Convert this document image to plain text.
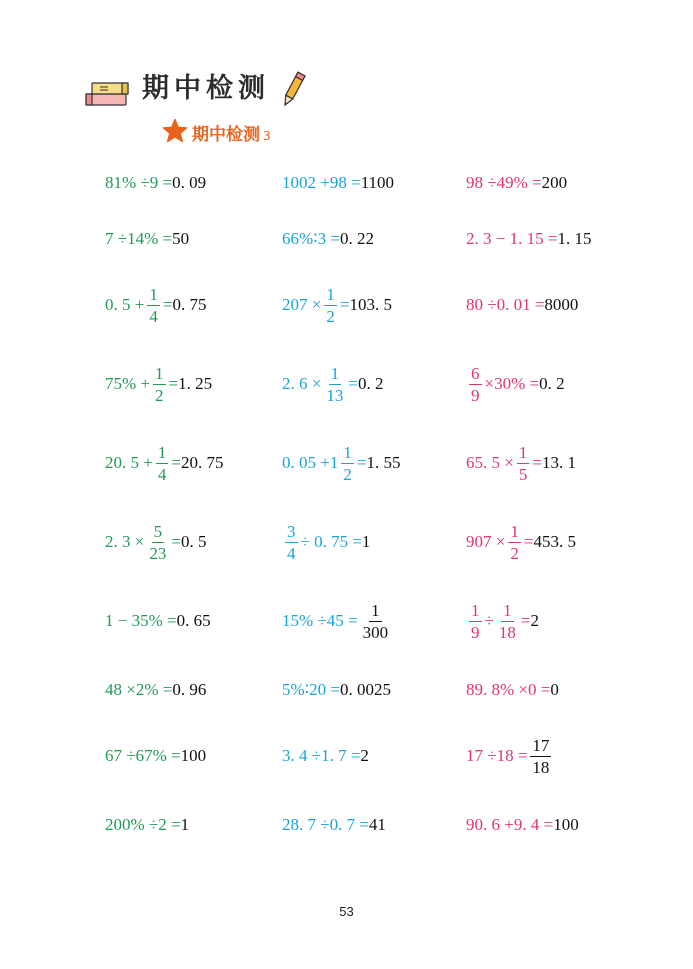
期中检测
期中检测 3
81% ÷9 = 0. 09	1002 +98 = 1100	98 ÷49% = 200
7 ÷14% = 50	66%∶3 = 0. 22	2. 3 − 1. 15 = 1. 15
0. $5 + \frac{1}{4} = 0$. 75	$207 \times \frac{1}{2} = 103$. 5	80 ÷0. 01 = 8000
$75\% + \frac{1}{2} = 1$. 25	2. $6 \times \frac{1}{13} = 0$. 2	$\frac{6}{9} \times 30\% = 0$. 2
20. $5 + \frac{1}{4} = 20$. 75	0. $05 +1 \frac{1}{2} = 1$. 55	65. $5 \times \frac{1}{5} = 13$. 1
2. $3 \times \frac{5}{23} = 0$. 5	$\frac{3}{4} \div 0$. 75 = 1	$907 \times \frac{1}{2} = 453$. 5
1 − 35% = 0. 65	$15\% \div 45 = \frac{1}{300}$	$\frac{1}{9} \div \frac{1}{18} = 2$
48 ×2% = 0. 96	5%∶20 = 0. 0025	89. 8% ×0 = 0
67 ÷67% = 100	3. 4 ÷1. 7 = 2	$17 \div 18 = \frac{17}{18}$
200% ÷2 = 1	28. 7 ÷0. 7 = 41	90. 6 +9. 4 = 100
53
